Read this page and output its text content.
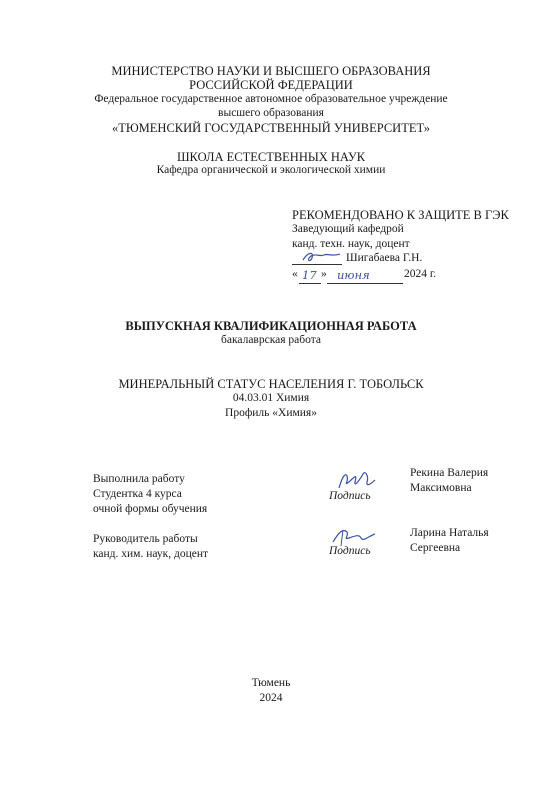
МИНИСТЕРСТВО НАУКИ И ВЫСШЕГО ОБРАЗОВАНИЯ
РОССИЙСКОЙ ФЕДЕРАЦИИ
Федеральное государственное автономное образовательное учреждение
высшего образования
«ТЮМЕНСКИЙ ГОСУДАРСТВЕННЫЙ УНИВЕРСИТЕТ»
ШКОЛА ЕСТЕСТВЕННЫХ НАУК
Кафедра органической и экологической химии
РЕКОМЕНДОВАНО К ЗАЩИТЕ В ГЭК
Заведующий кафедрой
канд. техн. наук, доцент
Шигабаева Г.Н.
« 17 » июня	2024 г.
ВЫПУСКНАЯ КВАЛИФИКАЦИОННАЯ РАБОТА
бакалаврская работа
МИНЕРАЛЬНЫЙ СТАТУС НАСЕЛЕНИЯ Г. ТОБОЛЬСК
04.03.01 Химия
Профиль «Химия»
Выполнила работу
Студентка 4 курса
очной формы обучения
Подпись
Рекина Валерия
Максимовна
Руководитель работы
канд. хим. наук, доцент	Подпись
Ларина Наталья
Сергеевна
Тюмень
2024
